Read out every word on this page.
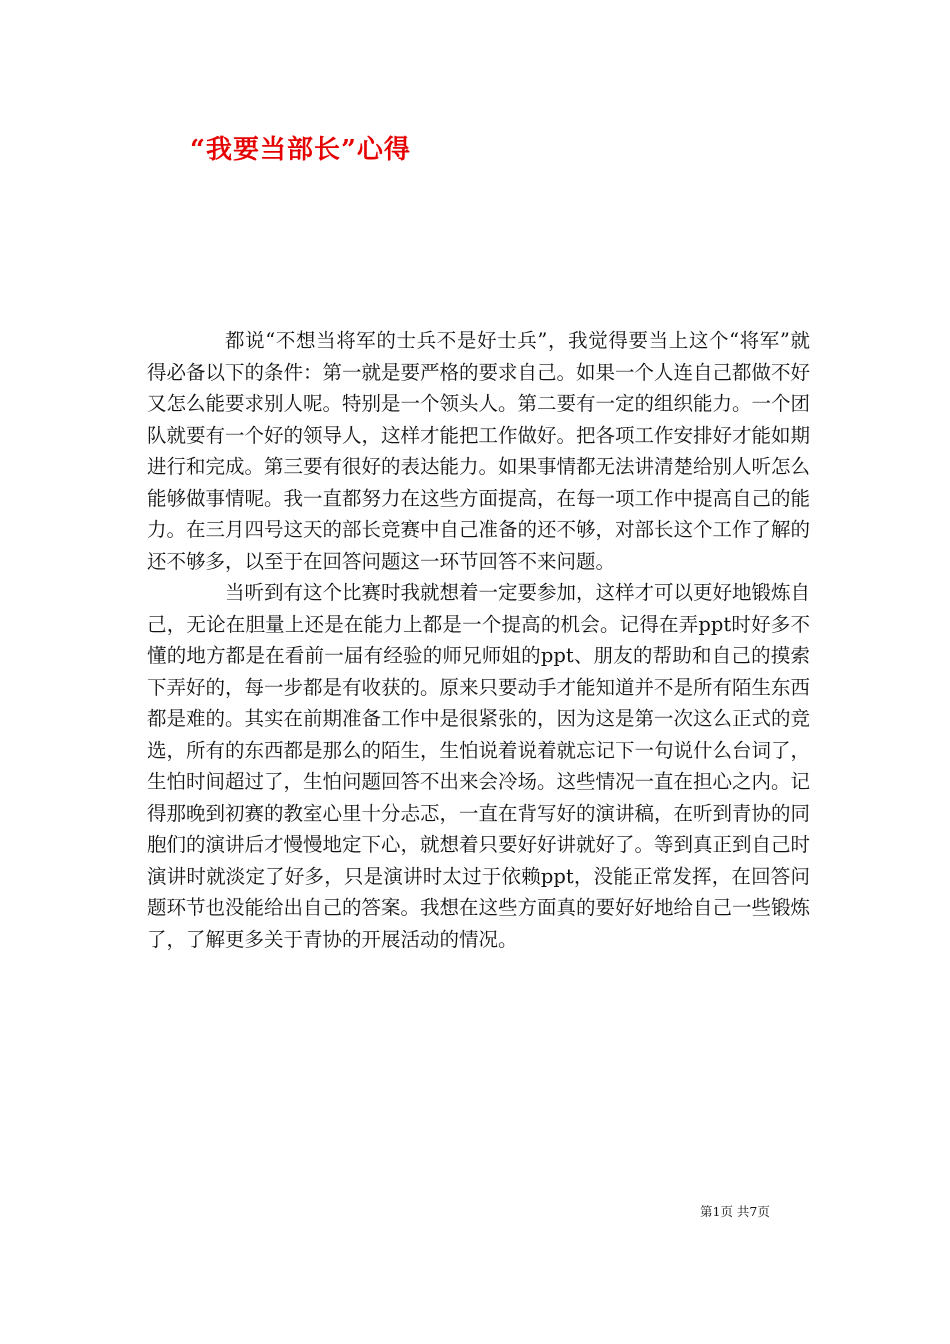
“我要当部长”心得

都说“不想当将军的士兵不是好士兵”，我觉得要当上这个“将军”就得必备以下的条件：第一就是要严格的要求自己。如果一个人连自己都做不好又怎么能要求别人呢。特别是一个领头人。第二要有一定的组织能力。一个团队就要有一个好的领导人，这样才能把工作做好。把各项工作安排好才能如期进行和完成。第三要有很好的表达能力。如果事情都无法讲清楚给别人听怎么能够做事情呢。我一直都努力在这些方面提高，在每一项工作中提高自己的能力。在三月四号这天的部长竞赛中自己准备的还不够，对部长这个工作了解的还不够多，以至于在回答问题这一环节回答不来问题。

当听到有这个比赛时我就想着一定要参加，这样才可以更好地锻炼自己，无论在胆量上还是在能力上都是一个提高的机会。记得在弄ppt时好多不懂的地方都是在看前一届有经验的师兄师姐的ppt、朋友的帮助和自己的摸索下弄好的，每一步都是有收获的。原来只要动手才能知道并不是所有陌生东西都是难的。其实在前期准备工作中是很紧张的，因为这是第一次这么正式的竞选，所有的东西都是那么的陌生，生怕说着说着就忘记下一句说什么台词了，生怕时间超过了，生怕问题回答不出来会冷场。这些情况一直在担心之内。记得那晚到初赛的教室心里十分忐忑，一直在背写好的演讲稿，在听到青协的同胞们的演讲后才慢慢地定下心，就想着只要好好讲就好了。等到真正到自己时演讲时就淡定了好多，只是演讲时太过于依赖ppt，没能正常发挥，在回答问题环节也没能给出自己的答案。我想在这些方面真的要好好地给自己一些锻炼了，了解更多关于青协的开展活动的情况。

第1页 共7页
